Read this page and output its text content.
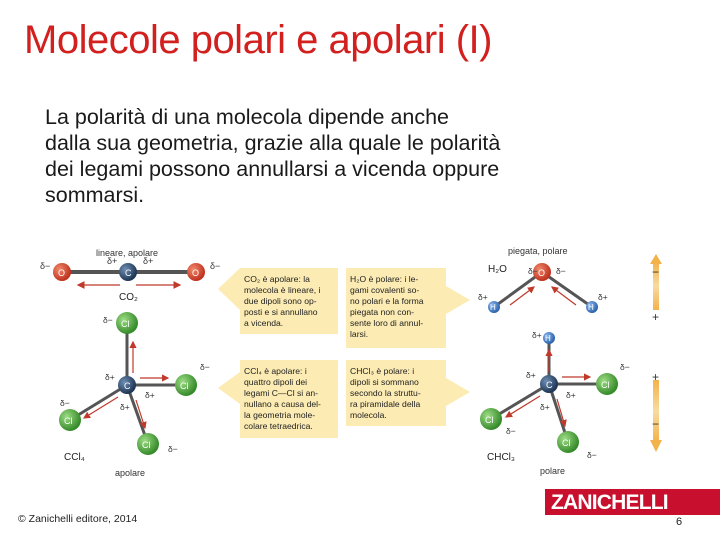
Molecole polari e apolari (I)
La polarità di una molecola dipende anche
dalla sua geometria, grazie alla quale le polarità
dei legami possono annullarsi a vicenda oppure
sommarsi.
lineare, apolare
O	C	O
δ−	δ+	δ+	δ−
CO₂
Cl
C	Cl
Cl
Cl
δ−
δ+
δ+
δ+
δ−
δ−
δ−
CCl₄
apolare
CO₂ è apolare: la
molecola è lineare, i
due dipoli sono op-
posti e si annullano
a vicenda.
H₂O è polare: i le-
gami covalenti so-
no polari e la forma
piegata non con-
sente loro di annul-
larsi.
CCl₄ è apolare: i
quattro dipoli dei
legami C—Cl si an-
nullano a causa del-
la geometria mole-
colare tetraedrica.
CHCl₃ è polare: i
dipoli si sommano
secondo la struttu-
ra piramidale della
molecola.
piegata, polare
O
H	H
H₂O δ− δ−
δ+	δ+
H
C	Cl
Cl
Cl
δ+
δ+
δ+
δ+
δ−
δ−
δ−
CHCl₃
polare
−
+
+
−
© Zanichelli editore, 2014
ZANICHELLI
6
